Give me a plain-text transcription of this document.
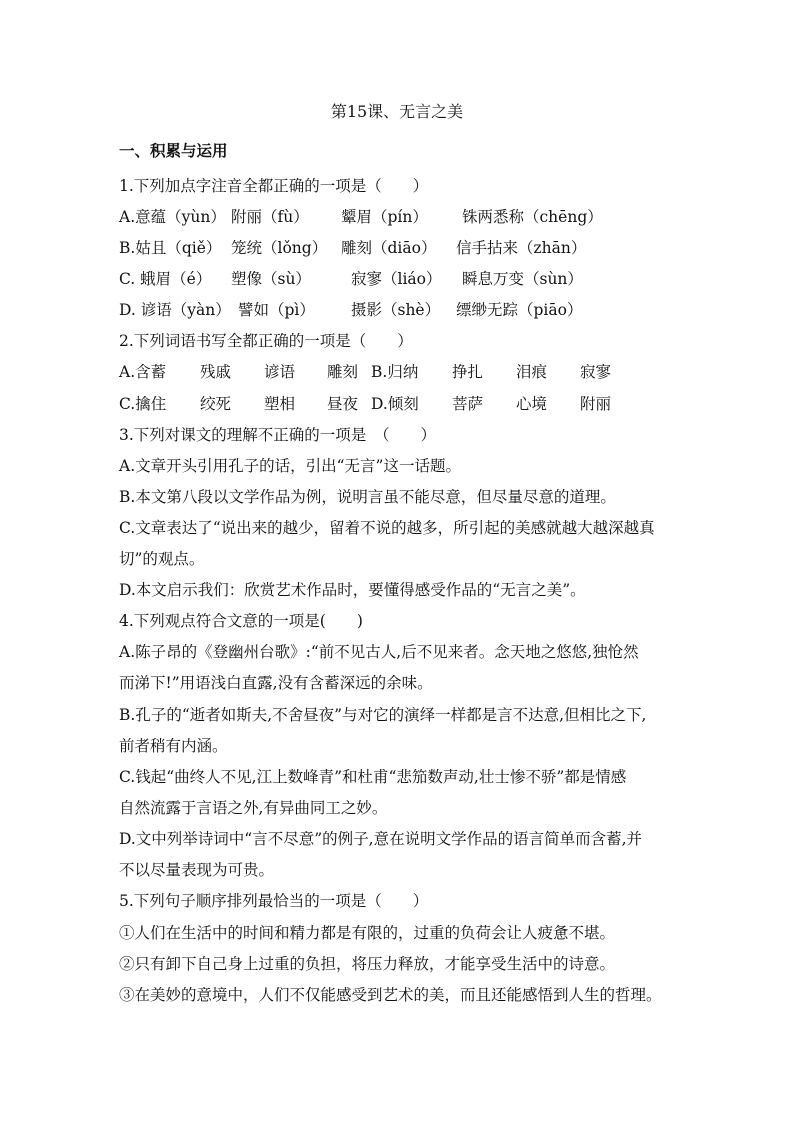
第15课、无言之美
一、积累与运用
1.下列加点字注音全都正确的一项是（　　）
A.意蕴（yùn） 附丽（fù） 颦眉（pín） 铢两悉称（chēng）
B.姑且（qiě） 笼统（lǒng） 雕刻（diāo） 信手拈来（zhān）
C. 蛾眉（é） 塑像（sù）	寂寥（liáo） 瞬息万变（sùn）
D. 谚语（yàn） 譬如（pì） 摄影（shè） 缥缈无踪（piāo）
2.下列词语书写全都正确的一项是（　　）
A.含蓄 残戚 谚语 雕刻 B.归纳 挣扎 泪痕 寂寥
C.擒住 绞死 塑相 昼夜 D.倾刻 菩萨 心境 附丽
3.下列对课文的理解不正确的一项是　（　　）
A.文章开头引用孔子的话，引出“无言”这一话题。
B.本文第八段以文学作品为例，说明言虽不能尽意，但尽量尽意的道理。
C.文章表达了“说出来的越少，留着不说的越多，所引起的美感就越大越深越真
切”的观点。
D.本文启示我们：欣赏艺术作品时，要懂得感受作品的“无言之美”。
4.下列观点符合文意的一项是(　　)
A.陈子昂的《登幽州台歌》:“前不见古人,后不见来者。念天地之悠悠,独怆然
而涕下!”用语浅白直露,没有含蓄深远的余味。
B.孔子的“逝者如斯夫,不舍昼夜”与对它的演绎一样都是言不达意,但相比之下,
前者稍有内涵。
C.钱起“曲终人不见,江上数峰青”和杜甫“悲笳数声动,壮士惨不骄”都是情感
自然流露于言语之外,有异曲同工之妙。
D.文中列举诗词中“言不尽意”的例子,意在说明文学作品的语言简单而含蓄,并
不以尽量表现为可贵。
5.下列句子顺序排列最恰当的一项是（　　）
①人们在生活中的时间和精力都是有限的，过重的负荷会让人疲惫不堪。
②只有卸下自己身上过重的负担，将压力释放，才能享受生活中的诗意。
③在美妙的意境中，人们不仅能感受到艺术的美，而且还能感悟到人生的哲理。
